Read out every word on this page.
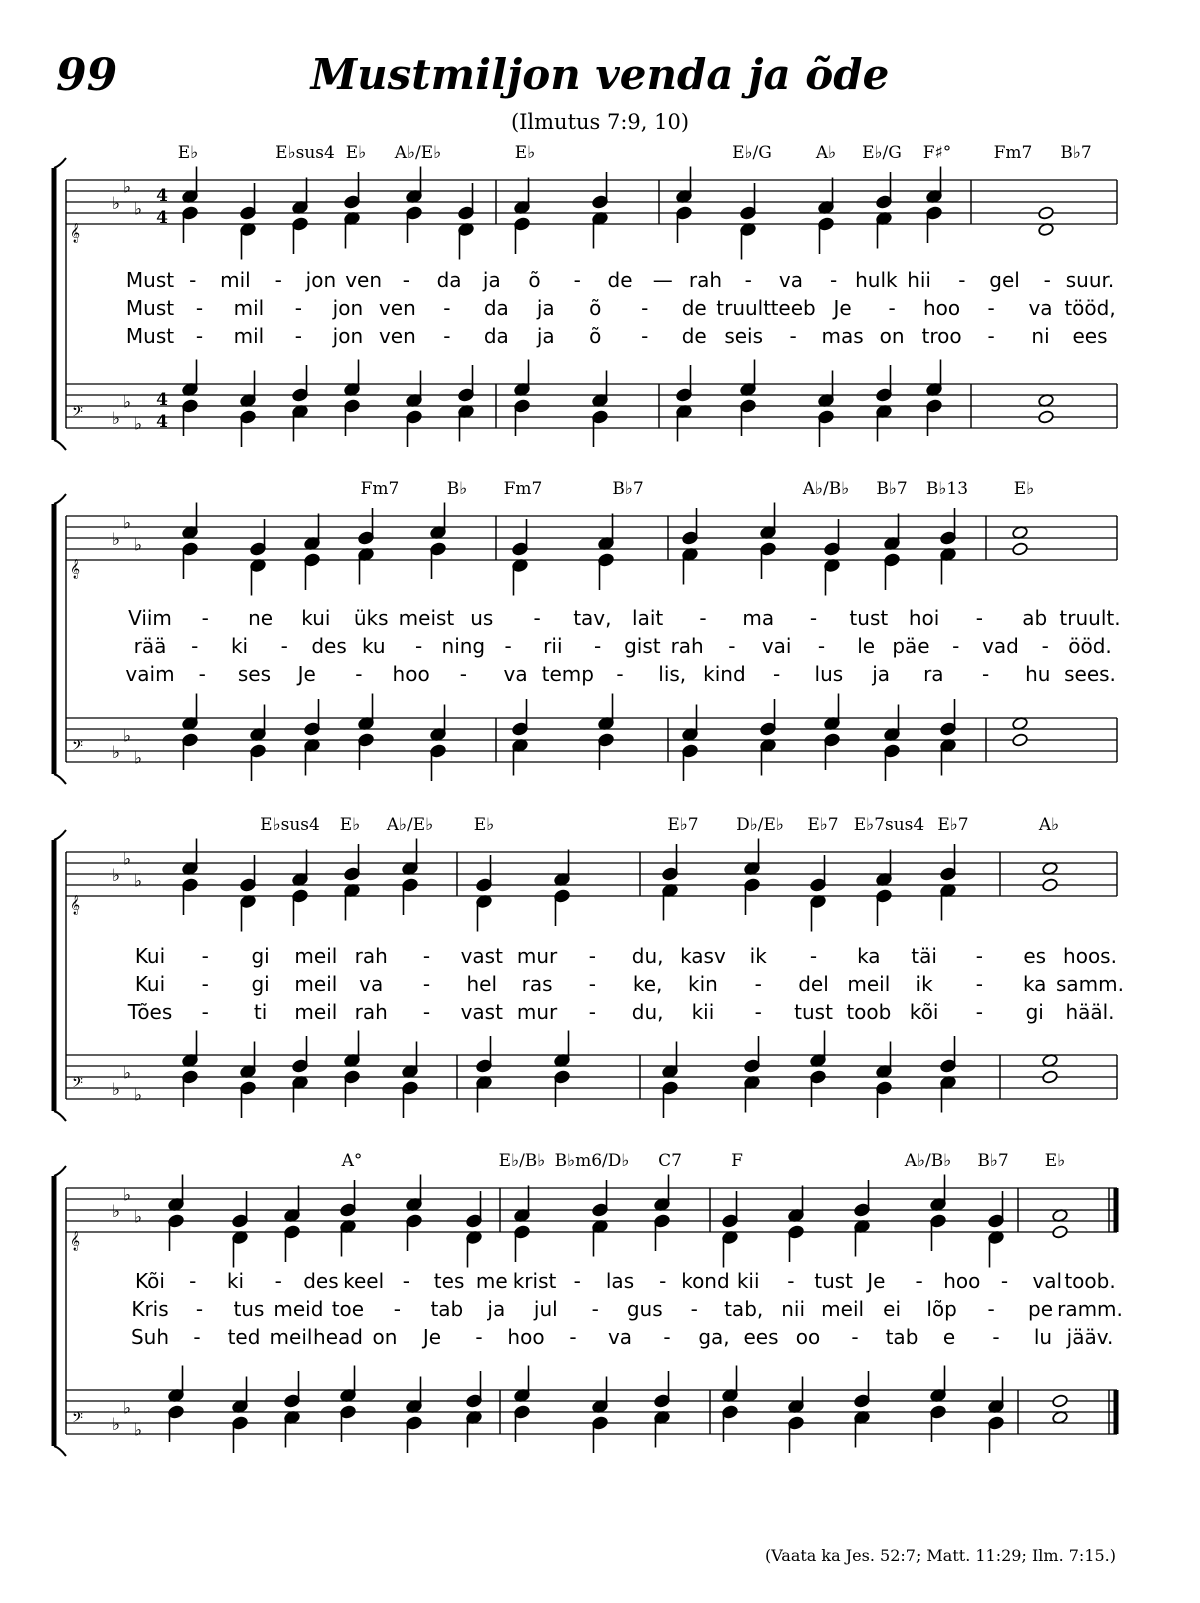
99	Mustmiljon venda ja õde
(Ilmutus 7:9, 10)
𝄞
𝄢
♭
♭
♭
♭
♭
♭
4
4
4
4
E♭	E♭sus4 E♭ A♭/E♭	E♭	E♭/G	A♭ E♭/G F♯° Fm7 B♭7
Must - mil - jon ven - da ja õ - de — rah - va - hulk hii - gel - suur.
Must - mil - jon ven - da ja õ - de truult teeb Je - hoo - va tööd,
Must - mil - jon ven - da ja õ - de seis - mas on troo - ni ees
𝄞
𝄢
♭
♭
♭
♭
♭
♭
Fm7	B♭ Fm7	B♭7	A♭/B♭ B♭7 B♭13	E♭
Viim - ne kui üks meist us - tav, lait - ma - tust hoi - ab truult.
rää - ki - des ku - ning - rii - gist rah - vai - le päe - vad - ööd.
vaim - ses Je - hoo - va temp - lis, kind - lus ja ra - hu sees.
𝄞
𝄢
♭
♭
♭
♭
♭
♭
E♭sus4 E♭ A♭/E♭ E♭	E♭7 D♭/E♭ E♭7 E♭7sus4 E♭7	A♭
Kui - gi meil rah - vast mur - du, kasv ik - ka täi - es hoos.
Kui - gi meil va - hel ras - ke, kin - del meil ik - ka samm.
Tões - ti meil rah - vast mur - du, kii - tust toob kõi - gi hääl.
𝄞
𝄢
♭
♭
♭
♭
♭
♭
A°	E♭/B♭ B♭m6/D♭ C7	F	A♭/B♭ B♭7 E♭
Kõi - ki - des keel - tes me krist - las - kond kii - tust Je - hoo - val toob.
Kris - tus meid toe - tab ja jul - gus - tab, nii meil ei lõp - pe ramm.
Suh - ted meil head on Je - hoo - va - ga, ees oo - tab e - lu jääv.
(Vaata ka Jes. 52:7; Matt. 11:29; Ilm. 7:15.)
